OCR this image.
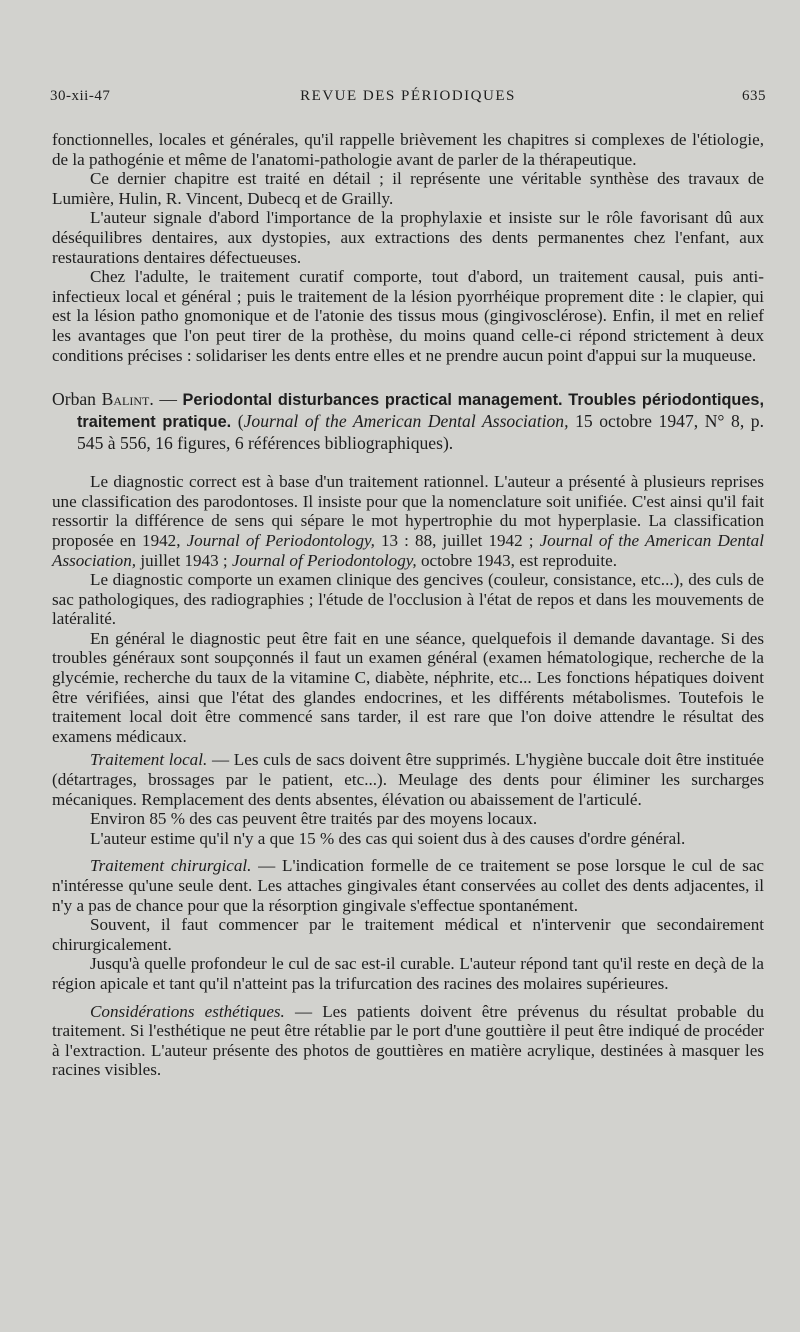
30-xii-47	REVUE DES PÉRIODIQUES	635

fonctionnelles, locales et générales, qu'il rappelle brièvement les chapitres si complexes de l'étiologie, de la pathogénie et même de l'anatomi-pathologie avant de parler de la thérapeutique.

Ce dernier chapitre est traité en détail ; il représente une véritable synthèse des travaux de Lumière, Hulin, R. Vincent, Dubecq et de Grailly.

L'auteur signale d'abord l'importance de la prophylaxie et insiste sur le rôle favorisant dû aux déséquilibres dentaires, aux dystopies, aux extractions des dents permanentes chez l'enfant, aux restaurations dentaires défectueuses.

Chez l'adulte, le traitement curatif comporte, tout d'abord, un traitement causal, puis anti-infectieux local et général ; puis le traitement de la lésion pyorrhéique proprement dite : le clapier, qui est la lésion patho gnomonique et de l'atonie des tissus mous (gingivosclérose). Enfin, il met en relief les avantages que l'on peut tirer de la prothèse, du moins quand celle-ci répond strictement à deux conditions précises : solidariser les dents entre elles et ne prendre aucun point d'appui sur la muqueuse.

Orban Balint. — Periodontal disturbances practical management. Troubles périodontiques, traitement pratique. (Journal of the American Dental Association, 15 octobre 1947, N° 8, p. 545 à 556, 16 figures, 6 références bibliographiques).

Le diagnostic correct est à base d'un traitement rationnel. L'auteur a présenté à plusieurs reprises une classification des parodontoses. Il insiste pour que la nomenclature soit unifiée. C'est ainsi qu'il fait ressortir la différence de sens qui sépare le mot hypertrophie du mot hyperplasie. La classification proposée en 1942, Journal of Periodontology, 13 : 88, juillet 1942 ; Journal of the American Dental Association, juillet 1943 ; Journal of Periodontology, octobre 1943, est reproduite.

Le diagnostic comporte un examen clinique des gencives (couleur, consistance, etc...), des culs de sac pathologiques, des radiographies ; l'étude de l'occlusion à l'état de repos et dans les mouvements de latéralité.

En général le diagnostic peut être fait en une séance, quelquefois il demande davantage. Si des troubles généraux sont soupçonnés il faut un examen général (examen hématologique, recherche de la glycémie, recherche du taux de la vitamine C, diabète, néphrite, etc... Les fonctions hépatiques doivent être vérifiées, ainsi que l'état des glandes endocrines, et les différents métabolismes. Toutefois le traitement local doit être commencé sans tarder, il est rare que l'on doive attendre le résultat des examens médicaux.

Traitement local. — Les culs de sacs doivent être supprimés. L'hygiène buccale doit être instituée (détartrages, brossages par le patient, etc...). Meulage des dents pour éliminer les surcharges mécaniques. Remplacement des dents absentes, élévation ou abaissement de l'articulé.

Environ 85 % des cas peuvent être traités par des moyens locaux.

L'auteur estime qu'il n'y a que 15 % des cas qui soient dus à des causes d'ordre général.

Traitement chirurgical. — L'indication formelle de ce traitement se pose lorsque le cul de sac n'intéresse qu'une seule dent. Les attaches gingivales étant conservées au collet des dents adjacentes, il n'y a pas de chance pour que la résorption gingivale s'effectue spontanément.

Souvent, il faut commencer par le traitement médical et n'intervenir que secondairement chirurgicalement.

Jusqu'à quelle profondeur le cul de sac est-il curable. L'auteur répond tant qu'il reste en deçà de la région apicale et tant qu'il n'atteint pas la trifurcation des racines des molaires supérieures.

Considérations esthétiques. — Les patients doivent être prévenus du résultat probable du traitement. Si l'esthétique ne peut être rétablie par le port d'une gouttière il peut être indiqué de procéder à l'extraction. L'auteur présente des photos de gouttières en matière acrylique, destinées à masquer les racines visibles.
